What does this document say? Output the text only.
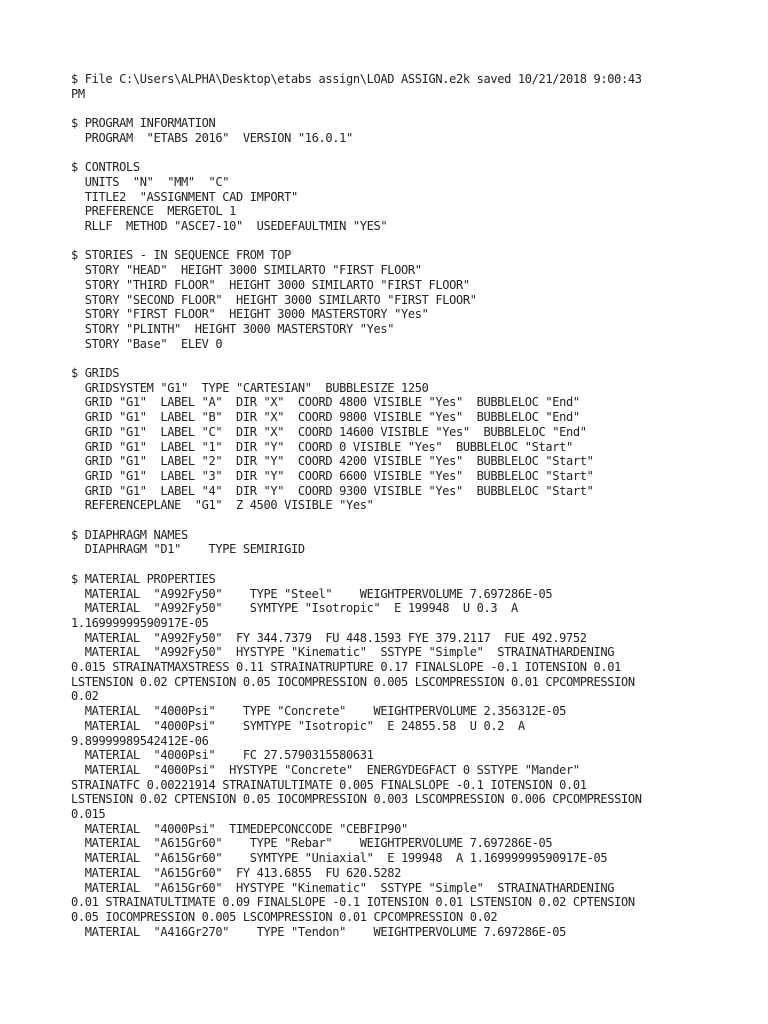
$ File C:\Users\ALPHA\Desktop\etabs assign\LOAD ASSIGN.e2k saved 10/21/2018 9:00:43
PM
$ PROGRAM INFORMATION
PROGRAM  "ETABS 2016"  VERSION "16.0.1"
$ CONTROLS
UNITS  "N"  "MM"  "C"
TITLE2  "ASSIGNMENT CAD IMPORT"
PREFERENCE  MERGETOL 1
RLLF  METHOD "ASCE7-10"  USEDEFAULTMIN "YES"
$ STORIES - IN SEQUENCE FROM TOP
STORY "HEAD"  HEIGHT 3000 SIMILARTO "FIRST FLOOR"
STORY "THIRD FLOOR"  HEIGHT 3000 SIMILARTO "FIRST FLOOR"
STORY "SECOND FLOOR"  HEIGHT 3000 SIMILARTO "FIRST FLOOR"
STORY "FIRST FLOOR"  HEIGHT 3000 MASTERSTORY "Yes"
STORY "PLINTH"  HEIGHT 3000 MASTERSTORY "Yes"
STORY "Base"  ELEV 0
$ GRIDS
GRIDSYSTEM "G1"  TYPE "CARTESIAN"  BUBBLESIZE 1250
GRID "G1"  LABEL "A"  DIR "X"  COORD 4800 VISIBLE "Yes"  BUBBLELOC "End"
GRID "G1"  LABEL "B"  DIR "X"  COORD 9800 VISIBLE "Yes"  BUBBLELOC "End"
GRID "G1"  LABEL "C"  DIR "X"  COORD 14600 VISIBLE "Yes"  BUBBLELOC "End"
GRID "G1"  LABEL "1"  DIR "Y"  COORD 0 VISIBLE "Yes"  BUBBLELOC "Start"
GRID "G1"  LABEL "2"  DIR "Y"  COORD 4200 VISIBLE "Yes"  BUBBLELOC "Start"
GRID "G1"  LABEL "3"  DIR "Y"  COORD 6600 VISIBLE "Yes"  BUBBLELOC "Start"
GRID "G1"  LABEL "4"  DIR "Y"  COORD 9300 VISIBLE "Yes"  BUBBLELOC "Start"
REFERENCEPLANE  "G1"  Z 4500 VISIBLE "Yes"
$ DIAPHRAGM NAMES
DIAPHRAGM "D1"    TYPE SEMIRIGID
$ MATERIAL PROPERTIES
MATERIAL  "A992Fy50"    TYPE "Steel"    WEIGHTPERVOLUME 7.697286E-05
MATERIAL  "A992Fy50"    SYMTYPE "Isotropic"  E 199948  U 0.3  A
1.16999999590917E-05
MATERIAL  "A992Fy50"  FY 344.7379  FU 448.1593 FYE 379.2117  FUE 492.9752
MATERIAL  "A992Fy50"  HYSTYPE "Kinematic"  SSTYPE "Simple"  STRAINATHARDENING
0.015 STRAINATMAXSTRESS 0.11 STRAINATRUPTURE 0.17 FINALSLOPE -0.1 IOTENSION 0.01
LSTENSION 0.02 CPTENSION 0.05 IOCOMPRESSION 0.005 LSCOMPRESSION 0.01 CPCOMPRESSION
0.02
MATERIAL  "4000Psi"    TYPE "Concrete"    WEIGHTPERVOLUME 2.356312E-05
MATERIAL  "4000Psi"    SYMTYPE "Isotropic"  E 24855.58  U 0.2  A
9.89999989542412E-06
MATERIAL  "4000Psi"    FC 27.5790315580631
MATERIAL  "4000Psi"  HYSTYPE "Concrete"  ENERGYDEGFACT 0 SSTYPE "Mander"
STRAINATFC 0.00221914 STRAINATULTIMATE 0.005 FINALSLOPE -0.1 IOTENSION 0.01
LSTENSION 0.02 CPTENSION 0.05 IOCOMPRESSION 0.003 LSCOMPRESSION 0.006 CPCOMPRESSION
0.015
MATERIAL  "4000Psi"  TIMEDEPCONCCODE "CEBFIP90"
MATERIAL  "A615Gr60"    TYPE "Rebar"    WEIGHTPERVOLUME 7.697286E-05
MATERIAL  "A615Gr60"    SYMTYPE "Uniaxial"  E 199948  A 1.16999999590917E-05
MATERIAL  "A615Gr60"  FY 413.6855  FU 620.5282
MATERIAL  "A615Gr60"  HYSTYPE "Kinematic"  SSTYPE "Simple"  STRAINATHARDENING
0.01 STRAINATULTIMATE 0.09 FINALSLOPE -0.1 IOTENSION 0.01 LSTENSION 0.02 CPTENSION
0.05 IOCOMPRESSION 0.005 LSCOMPRESSION 0.01 CPCOMPRESSION 0.02
MATERIAL  "A416Gr270"    TYPE "Tendon"    WEIGHTPERVOLUME 7.697286E-05
